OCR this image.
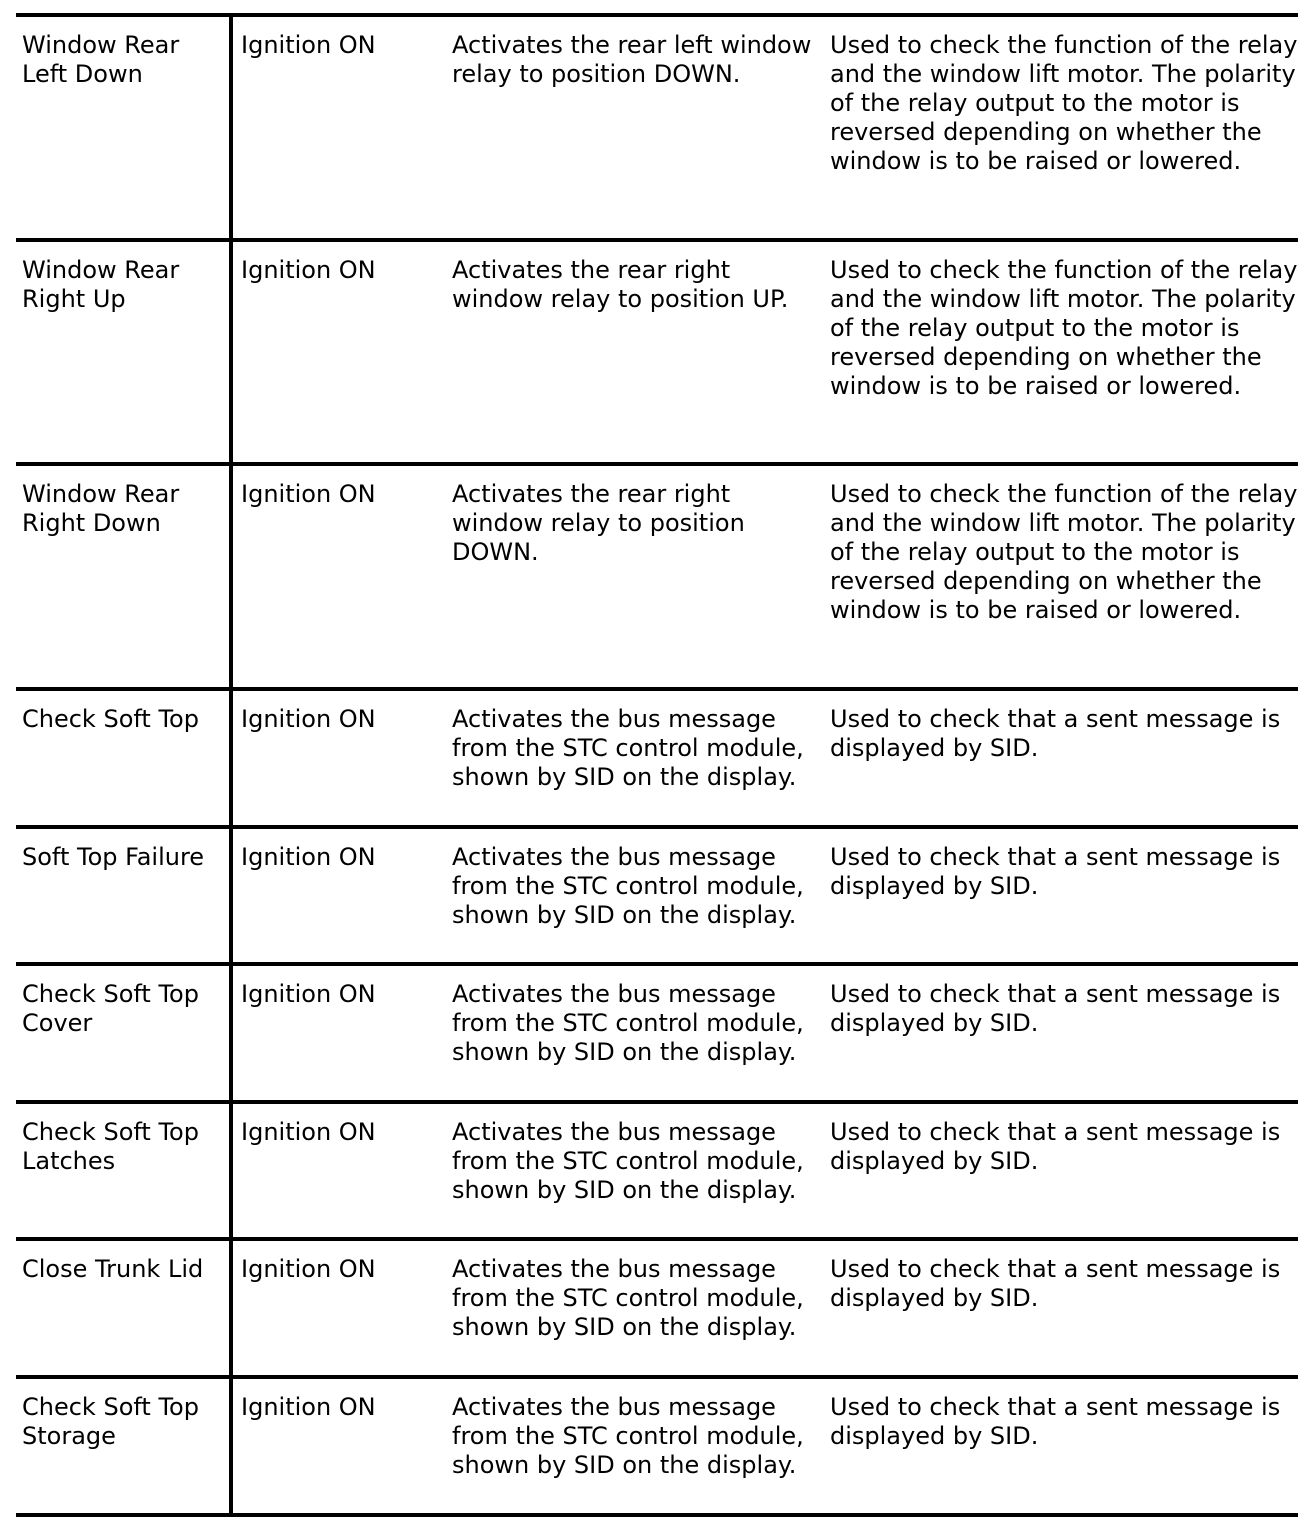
Window Rear Left Down	Ignition ON	Activates the rear left window relay to position DOWN.	Used to check the function of the relay and the window lift motor. The polarity of the relay output to the motor is reversed depending on whether the window is to be raised or lowered.
Window Rear Right Up	Ignition ON	Activates the rear right window relay to position UP.	Used to check the function of the relay and the window lift motor. The polarity of the relay output to the motor is reversed depending on whether the window is to be raised or lowered.
Window Rear Right Down	Ignition ON	Activates the rear right window relay to position DOWN.	Used to check the function of the relay and the window lift motor. The polarity of the relay output to the motor is reversed depending on whether the window is to be raised or lowered.
Check Soft Top	Ignition ON	Activates the bus message from the STC control module, shown by SID on the display.	Used to check that a sent message is displayed by SID.
Soft Top Failure	Ignition ON	Activates the bus message from the STC control module, shown by SID on the display.	Used to check that a sent message is displayed by SID.
Check Soft Top Cover	Ignition ON	Activates the bus message from the STC control module, shown by SID on the display.	Used to check that a sent message is displayed by SID.
Check Soft Top Latches	Ignition ON	Activates the bus message from the STC control module, shown by SID on the display.	Used to check that a sent message is displayed by SID.
Close Trunk Lid	Ignition ON	Activates the bus message from the STC control module, shown by SID on the display.	Used to check that a sent message is displayed by SID.
Check Soft Top Storage	Ignition ON	Activates the bus message from the STC control module, shown by SID on the display.	Used to check that a sent message is displayed by SID.
